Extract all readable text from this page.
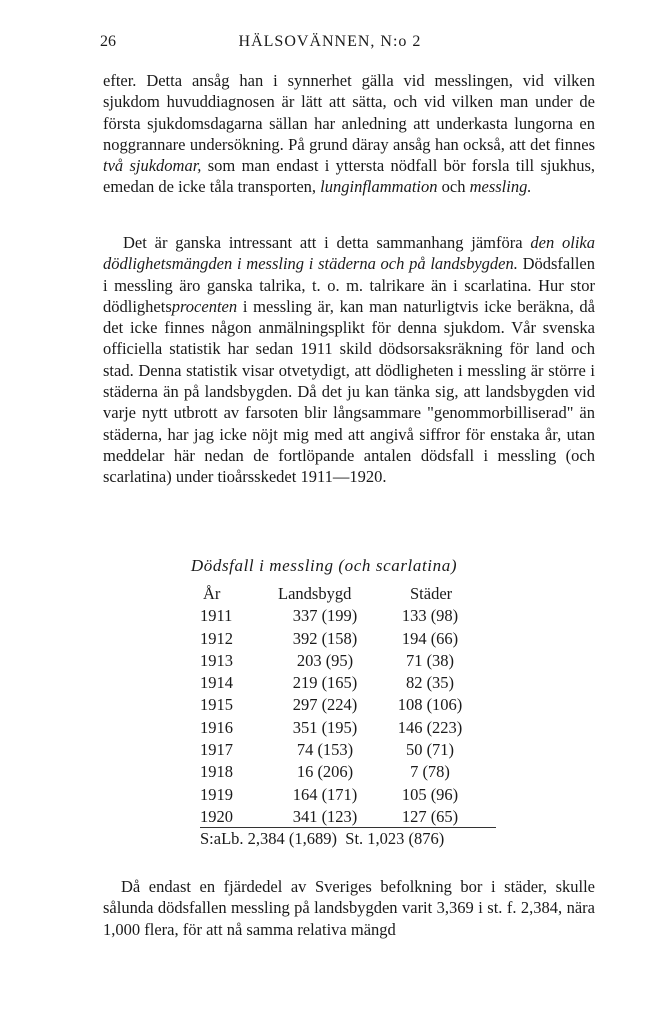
26	HÄLSOVÄNNEN, N:o 2

efter. Detta ansåg han i synnerhet gälla vid messlingen, vid vilken sjukdom huvuddiagnosen är lätt att sätta, och vid vilken man under de första sjukdomsdagarna sällan har anledning att underkasta lungorna en noggrannare undersökning. På grund däray ansåg han också, att det finnes två sjukdomar, som man endast i yttersta nödfall bör forsla till sjukhus, emedan de icke tåla transporten, lunginflammation och messling.

Det är ganska intressant att i detta sammanhang jämföra den olika dödlighetsmängden i messling i städerna och på landsbygden. Dödsfallen i messling äro ganska talrika, t. o. m. talrikare än i scarlatina. Hur stor dödlighetsprocenten i messling är, kan man naturligtvis icke beräkna, då det icke finnes någon anmälningsplikt för denna sjukdom. Vår svenska officiella statistik har sedan 1911 skild dödsorsaksräkning för land och stad. Denna statistik visar otvetydigt, att dödligheten i messling är större i städerna än på landsbygden. Då det ju kan tänka sig, att landsbygden vid varje nytt utbrott av farsoten blir långsammare "genommorbilliserad" än städerna, har jag icke nöjt mig med att angivå siffror för enstaka år, utan meddelar här nedan de fortlöpande antalen dödsfall i messling (och scarlatina) under tioårsskedet 1911—1920.

Dödsfall i messling (och scarlatina)
År	Landsbygd	Städer
1911	337 (199)	133 (98)
1912	392 (158)	194 (66)
1913	203 (95)	71 (38)
1914	219 (165)	82 (35)
1915	297 (224)	108 (106)
1916	351 (195)	146 (223)
1917	74 (153)	50 (71)
1918	16 (206)	7 (78)
1919	164 (171)	105 (96)
1920	341 (123)	127 (65)
S:aLb. 2,384 (1,689)  St. 1,023 (876)

Då endast en fjärdedel av Sveriges befolkning bor i städer, skulle sålunda dödsfallen messling på landsbygden varit 3,369 i st. f. 2,384, nära 1,000 flera, för att nå samma relativa mängd
